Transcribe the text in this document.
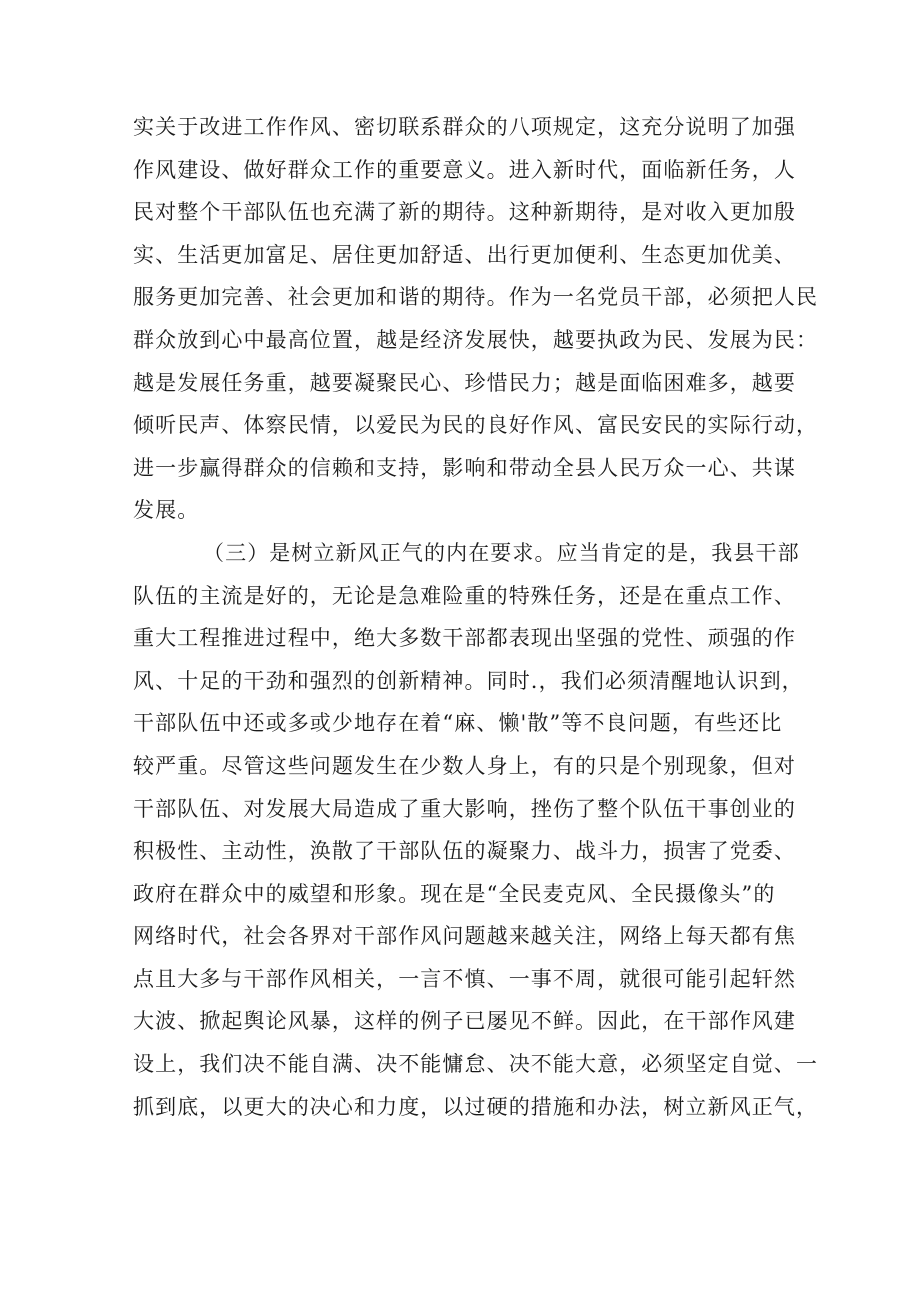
实关于改进工作作风、密切联系群众的八项规定，这充分说明了加强
作风建设、做好群众工作的重要意义。进入新时代，面临新任务，人
民对整个干部队伍也充满了新的期待。这种新期待，是对收入更加殷
实、生活更加富足、居住更加舒适、出行更加便利、生态更加优美、
服务更加完善、社会更加和谐的期待。作为一名党员干部，必须把人民
群众放到心中最高位置，越是经济发展快，越要执政为民、发展为民：
越是发展任务重，越要凝聚民心、珍惜民力；越是面临困难多，越要
倾听民声、体察民情，以爱民为民的良好作风、富民安民的实际行动，
进一步赢得群众的信赖和支持，影响和带动全县人民万众一心、共谋
发展。
（三）是树立新风正气的内在要求。应当肯定的是，我县干部
队伍的主流是好的，无论是急难险重的特殊任务，还是在重点工作、
重大工程推进过程中，绝大多数干部都表现出坚强的党性、顽强的作
风、十足的干劲和强烈的创新精神。同时.，我们必须清醒地认识到，
干部队伍中还或多或少地存在着“麻、懒'散”等不良问题，有些还比
较严重。尽管这些问题发生在少数人身上，有的只是个别现象，但对
干部队伍、对发展大局造成了重大影响，挫伤了整个队伍干事创业的
积极性、主动性，涣散了干部队伍的凝聚力、战斗力，损害了党委、
政府在群众中的威望和形象。现在是“全民麦克风、全民摄像头”的
网络时代，社会各界对干部作风问题越来越关注，网络上每天都有焦
点且大多与干部作风相关，一言不慎、一事不周，就很可能引起轩然
大波、掀起舆论风暴，这样的例子已屡见不鲜。因此，在干部作风建
设上，我们决不能自满、决不能慵怠、决不能大意，必须坚定自觉、一
抓到底，以更大的决心和力度，以过硬的措施和办法，树立新风正气，
